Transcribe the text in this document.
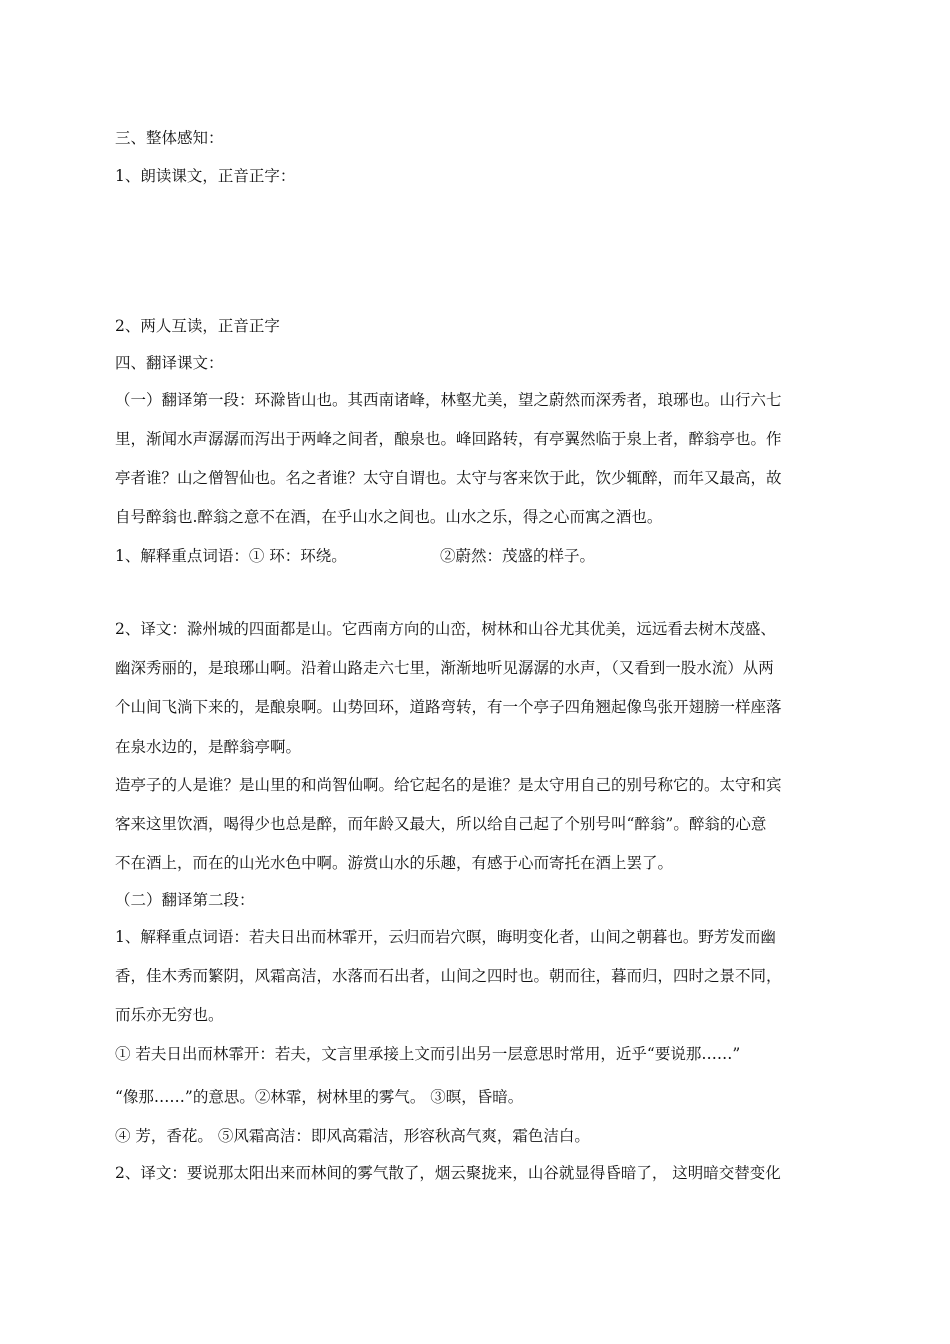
三、整体感知：
1、朗读课文，正音正字：
2、两人互读，正音正字
四、翻译课文：
（一）翻译第一段：环滁皆山也。其西南诸峰，林壑尤美，望之蔚然而深秀者，琅琊也。山行六七
里，渐闻水声潺潺而泻出于两峰之间者，酿泉也。峰回路转，有亭翼然临于泉上者，醉翁亭也。作
亭者谁？山之僧智仙也。名之者谁？太守自谓也。太守与客来饮于此，饮少辄醉，而年又最高，故
自号醉翁也.醉翁之意不在酒，在乎山水之间也。山水之乐，得之心而寓之酒也。
1、解释重点词语：① 环：环绕。	②蔚然：茂盛的样子。
2、译文：滁州城的四面都是山。它西南方向的山峦，树林和山谷尤其优美，远远看去树木茂盛、
幽深秀丽的，是琅琊山啊。沿着山路走六七里，渐渐地听见潺潺的水声，（又看到一股水流）从两
个山间飞淌下来的，是酿泉啊。山势回环，道路弯转，有一个亭子四角翘起像鸟张开翅膀一样座落
在泉水边的，是醉翁亭啊。
造亭子的人是谁？是山里的和尚智仙啊。给它起名的是谁？是太守用自己的别号称它的。太守和宾
客来这里饮酒，喝得少也总是醉，而年龄又最大，所以给自己起了个别号叫“醉翁”。醉翁的心意
不在酒上，而在的山光水色中啊。游赏山水的乐趣，有感于心而寄托在酒上罢了。
（二）翻译第二段：
1、解释重点词语：若夫日出而林霏开，云归而岩穴暝，晦明变化者，山间之朝暮也。野芳发而幽
香，佳木秀而繁阴，风霜高洁，水落而石出者，山间之四时也。朝而往，暮而归，四时之景不同，
而乐亦无穷也。
① 若夫日出而林霏开：若夫，文言里承接上文而引出另一层意思时常用，近乎“要说那……”
“像那……”的意思。②林霏，树林里的雾气。 ③暝，昏暗。
④ 芳，香花。 ⑤风霜高洁：即风高霜洁，形容秋高气爽，霜色洁白。
2、译文：要说那太阳出来而林间的雾气散了，烟云聚拢来，山谷就显得昏暗了， 这明暗交替变化
